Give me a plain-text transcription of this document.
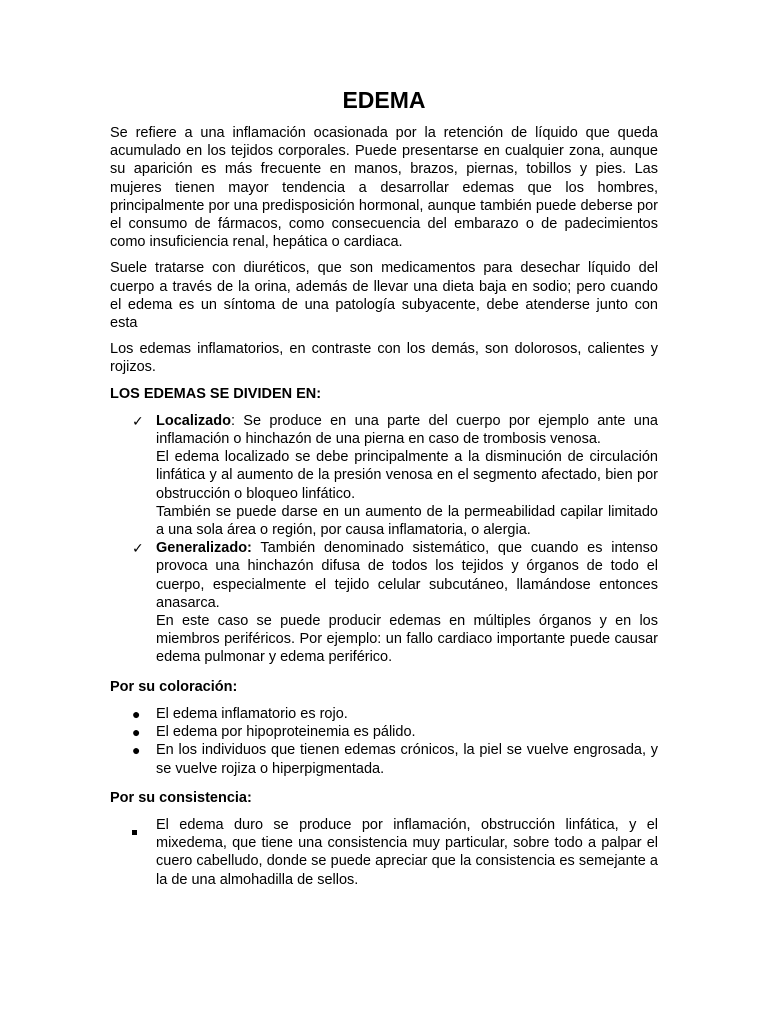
EDEMA

Se refiere a una inflamación ocasionada por la retención de líquido que queda acumulado en los tejidos corporales. Puede presentarse en cualquier zona, aunque su aparición es más frecuente en manos, brazos, piernas, tobillos y pies. Las mujeres tienen mayor tendencia a desarrollar edemas que los hombres, principalmente por una predisposición hormonal, aunque también puede deberse por el consumo de fármacos, como consecuencia del embarazo o de padecimientos como insuficiencia renal, hepática o cardiaca.

Suele tratarse con diuréticos, que son medicamentos para desechar líquido del cuerpo a través de la orina, además de llevar una dieta baja en sodio; pero cuando el edema es un síntoma de una patología subyacente, debe atenderse junto con esta

Los edemas inflamatorios, en contraste con los demás, son dolorosos, calientes y rojizos.

LOS EDEMAS SE DIVIDEN EN:
✓ Localizado: Se produce en una parte del cuerpo por ejemplo ante una inflamación o hinchazón de una pierna en caso de trombosis venosa.
El edema localizado se debe principalmente a la disminución de circulación linfática y al aumento de la presión venosa en el segmento afectado, bien por obstrucción o bloqueo linfático.
También se puede darse en un aumento de la permeabilidad capilar limitado a una sola área o región, por causa inflamatoria, o alergia.
✓ Generalizado: También denominado sistemático, que cuando es intenso provoca una hinchazón difusa de todos los tejidos y órganos de todo el cuerpo, especialmente el tejido celular subcutáneo, llamándose entonces anasarca.
En este caso se puede producir edemas en múltiples órganos y en los miembros periféricos. Por ejemplo: un fallo cardiaco importante puede causar edema pulmonar y edema periférico.
Por su coloración:
●	El edema inflamatorio es rojo.
●	El edema por hipoproteinemia es pálido.
●	En los individuos que tienen edemas crónicos, la piel se vuelve engrosada, y se vuelve rojiza o hiperpigmentada.
Por su consistencia:
El edema duro se produce por inflamación, obstrucción linfática, y el mixedema, que tiene una consistencia muy particular, sobre todo a palpar el cuero cabelludo, donde se puede apreciar que la consistencia es semejante a la de una almohadilla de sellos.
